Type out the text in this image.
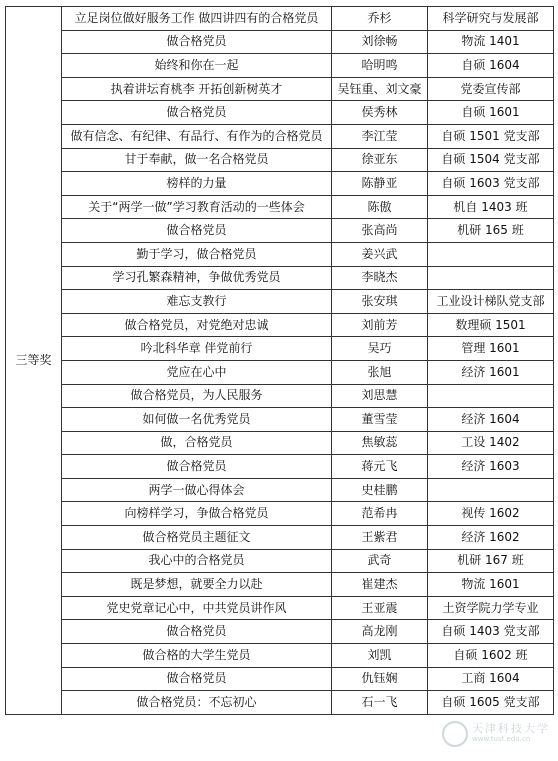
三等奖	立足岗位做好服务工作 做四讲四有的合格党员	乔杉	科学研究与发展部
	做合格党员	刘徐畅	物流 1401
	始终和你在一起	哈明鸣	自硕 1604
	执着讲坛育桃李 开拓创新树英才	吴钰重、刘文豪	党委宣传部
	做合格党员	侯秀林	自硕 1601
	做有信念、有纪律、有品行、有作为的合格党员	李江莹	自硕 1501 党支部
	甘于奉献，做一名合格党员	徐亚东	自硕 1504 党支部
	榜样的力量	陈静亚	自硕 1603 党支部
	关于“两学一做”学习教育活动的一些体会	陈傲	机自 1403 班
	做合格党员	张高尚	机研 165 班
	勤于学习，做合格党员	姜兴武	
	学习孔繁森精神，争做优秀党员	李晓杰	
	难忘支教行	张安琪	工业设计梯队党支部
	做合格党员，对党绝对忠诚	刘前芳	数理硕 1501
	吟北科华章 伴党前行	吴巧	管理 1601
	党应在心中	张旭	经济 1601
	做合格党员，为人民服务	刘思慧	
	如何做一名优秀党员	董雪莹	经济 1604
	做，合格党员	焦敏蕊	工设 1402
	做合格党员	蒋元飞	经济 1603
	两学一做心得体会	史桂鹏	
	向榜样学习，争做合格党员	范希冉	视传 1602
	做合格党员主题征文	王紫君	经济 1602
	我心中的合格党员	武奇	机研 167 班
	既是梦想，就要全力以赴	崔建杰	物流 1601
	党史党章记心中，中共党员讲作风	王亚震	土资学院力学专业
	做合格党员	高龙刚	自硕 1403 党支部
	做合格的大学生党员	刘凯	自硕 1602 班
	做合格党员	仇钰娴	工商 1604
	做合格党员：不忘初心	石一飞	自硕 1605 党支部
天津科技大学
www.tust.edu.cn
